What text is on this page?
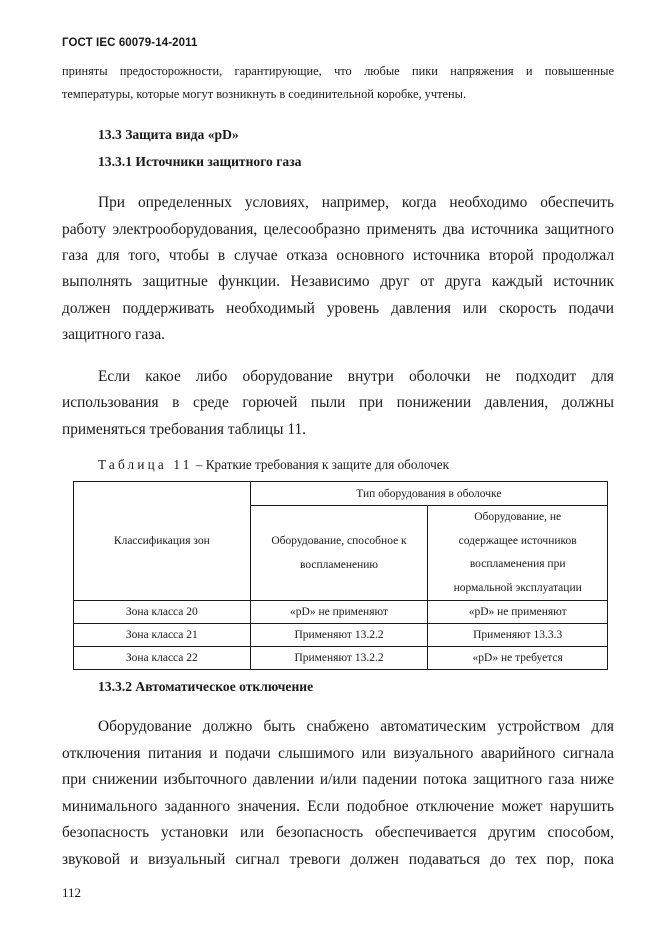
ГОСТ IEC 60079-14-2011
приняты предосторожности, гарантирующие, что любые пики напряжения и повышенные
температуры, которые могут возникнуть в соединительной коробке, учтены.
13.3 Защита вида «pD»
13.3.1 Источники защитного газа
При определенных условиях, например, когда необходимо обеспечить
работу электрооборудования, целесообразно применять два источника защитного
газа для того, чтобы в случае отказа основного источника второй продолжал
выполнять защитные функции. Независимо друг от друга каждый источник
должен поддерживать необходимый уровень давления или скорость подачи
защитного газа.
Если какое либо оборудование внутри оболочки не подходит для
использования в среде горючей пыли при понижении давления, должны
применяться требования таблицы 11.
Таблица 11 – Краткие требования к защите для оболочек
Классификация зон	Тип оборудования в оболочке	
	Оборудование, способное к воспламенению	Оборудование, не
содержащее источников
воспламенения при
нормальной эксплуатации

Зона класса 20	«pD» не применяют	«pD» не применяют
Зона класса 21	Применяют 13.2.2	Применяют 13.3.3
Зона класса 22	Применяют 13.2.2	«pD» не требуется
13.3.2 Автоматическое отключение
Оборудование должно быть снабжено автоматическим устройством для
отключения питания и подачи слышимого или визуального аварийного сигнала
при снижении избыточного давлении и/или падении потока защитного газа ниже
минимального заданного значения. Если подобное отключение может нарушить
безопасность установки или безопасность обеспечивается другим способом,
звуковой и визуальный сигнал тревоги должен подаваться до тех пор, пока
112
